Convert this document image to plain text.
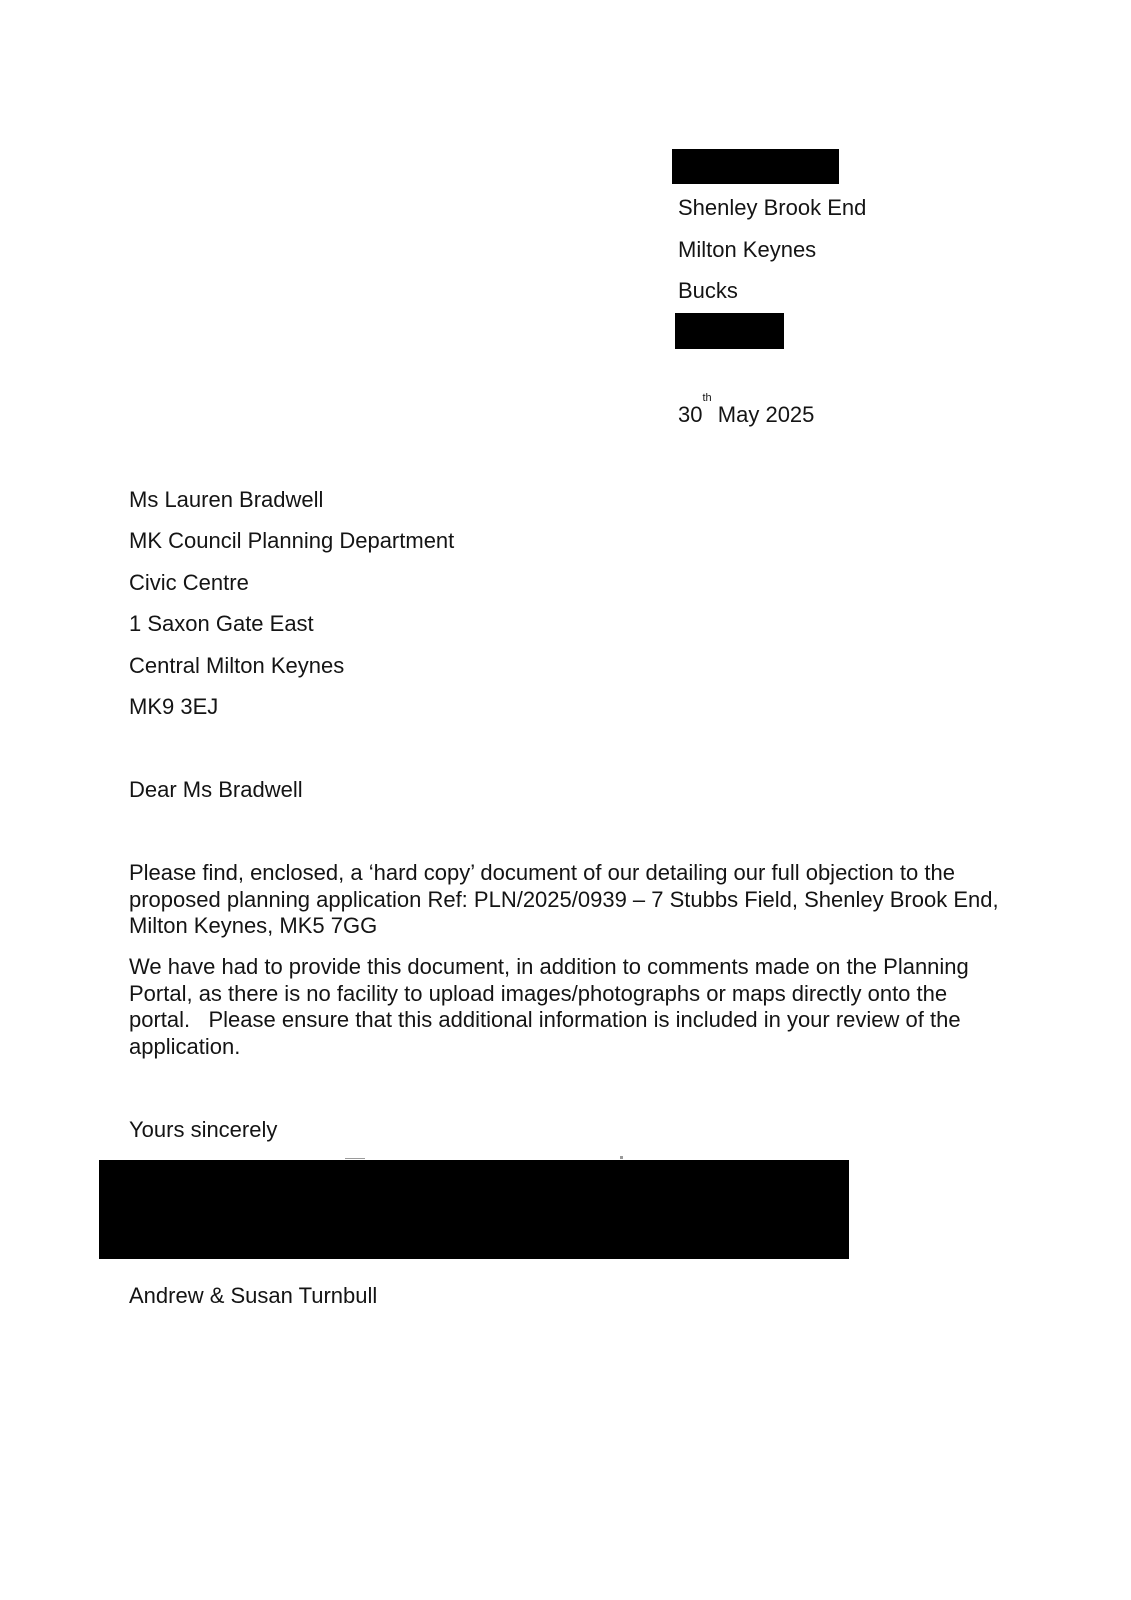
Shenley Brook End

Milton Keynes

Bucks

30th May 2025

Ms Lauren Bradwell

MK Council Planning Department

Civic Centre

1 Saxon Gate East

Central Milton Keynes

MK9 3EJ

Dear Ms Bradwell

Please find, enclosed, a ‘hard copy’ document of our detailing our full objection to the proposed planning application Ref: PLN/2025/0939 – 7 Stubbs Field, Shenley Brook End, Milton Keynes, MK5 7GG

We have had to provide this document, in addition to comments made on the Planning Portal, as there is no facility to upload images/photographs or maps directly onto the portal.   Please ensure that this additional information is included in your review of the application.

Yours sincerely

Andrew & Susan Turnbull
